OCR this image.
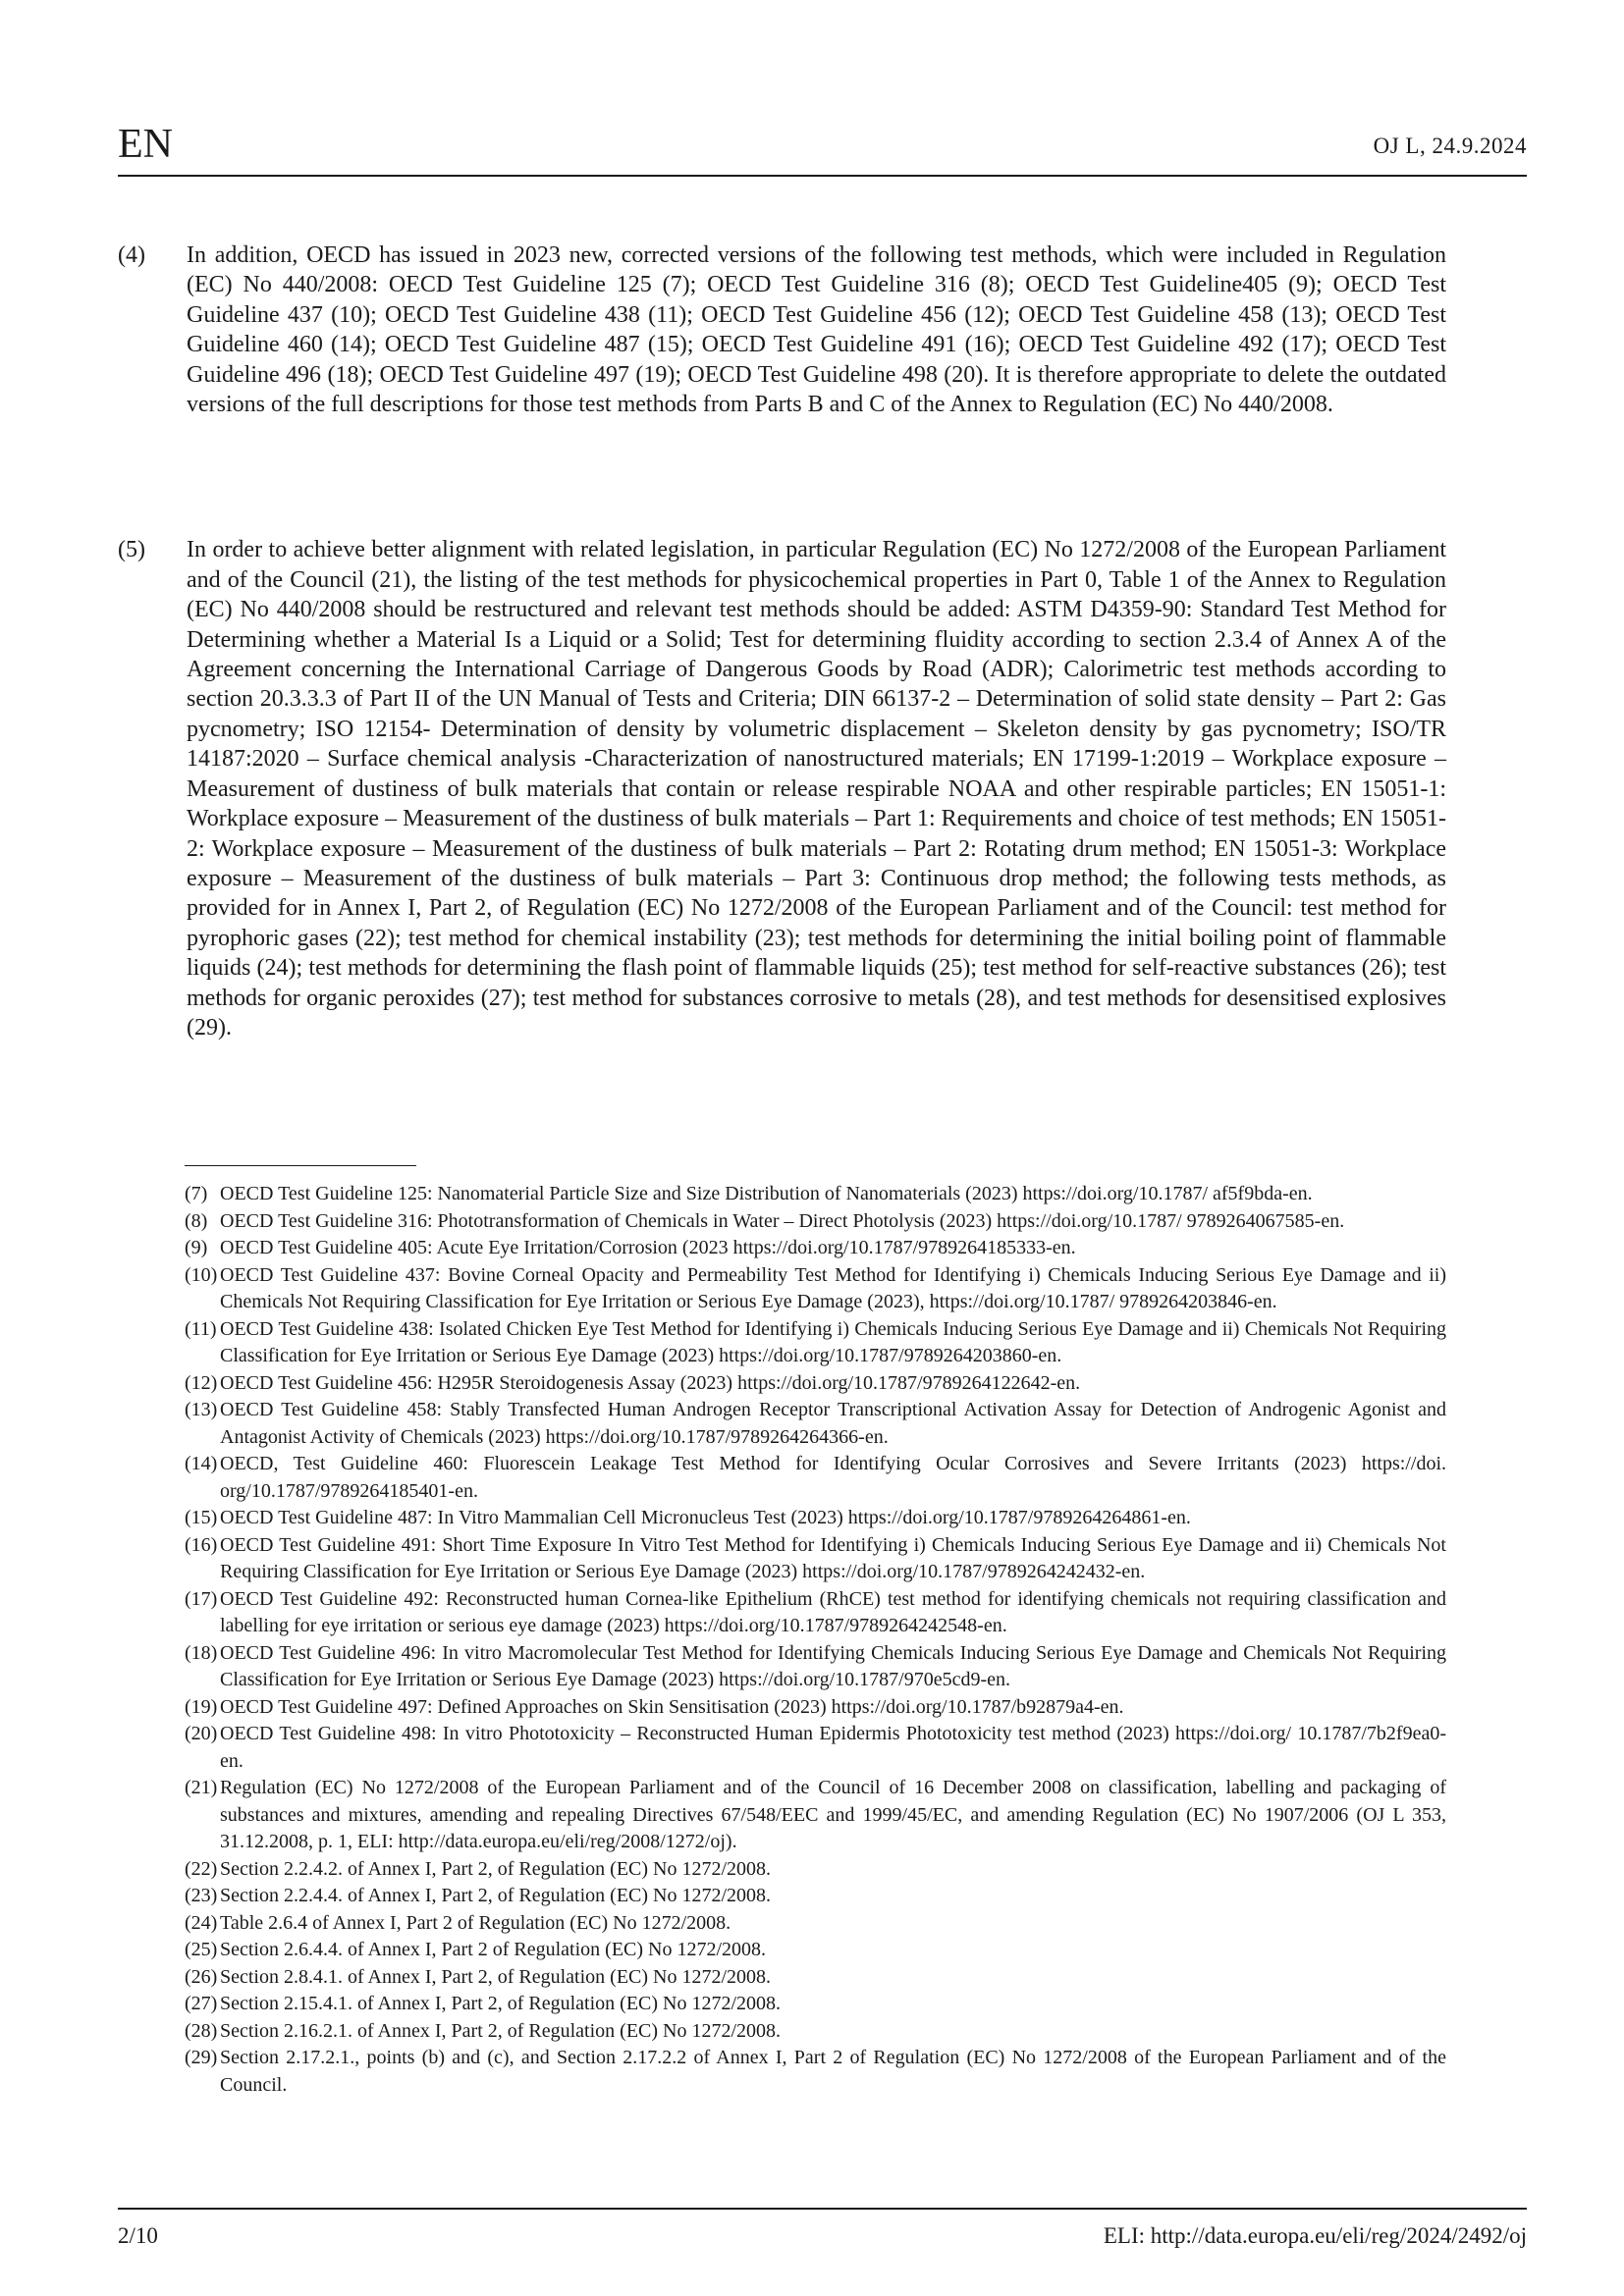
EN	OJ L, 24.9.2024
(4) In addition, OECD has issued in 2023 new, corrected versions of the following test methods, which were included in Regulation (EC) No 440/2008: OECD Test Guideline 125 (7); OECD Test Guideline 316 (8); OECD Test Guideline405 (9); OECD Test Guideline 437 (10); OECD Test Guideline 438 (11); OECD Test Guideline 456 (12); OECD Test Guideline 458 (13); OECD Test Guideline 460 (14); OECD Test Guideline 487 (15); OECD Test Guideline 491 (16); OECD Test Guideline 492 (17); OECD Test Guideline 496 (18); OECD Test Guideline 497 (19); OECD Test Guideline 498 (20). It is therefore appropriate to delete the outdated versions of the full descriptions for those test methods from Parts B and C of the Annex to Regulation (EC) No 440/2008.
(5) In order to achieve better alignment with related legislation, in particular Regulation (EC) No 1272/2008 of the European Parliament and of the Council (21), the listing of the test methods for physicochemical properties in Part 0, Table 1 of the Annex to Regulation (EC) No 440/2008 should be restructured and relevant test methods should be added: ASTM D4359-90: Standard Test Method for Determining whether a Material Is a Liquid or a Solid; Test for determining fluidity according to section 2.3.4 of Annex A of the Agreement concerning the International Carriage of Dangerous Goods by Road (ADR); Calorimetric test methods according to section 20.3.3.3 of Part II of the UN Manual of Tests and Criteria; DIN 66137-2 – Determination of solid state density – Part 2: Gas pycnometry; ISO 12154- Determination of density by volumetric displacement – Skeleton density by gas pycnometry; ISO/TR 14187:2020 – Surface chemical analysis -Characterization of nanostructured materials; EN 17199-1:2019 – Workplace exposure – Measurement of dustiness of bulk materials that contain or release respirable NOAA and other respirable particles; EN 15051-1: Workplace exposure – Measurement of the dustiness of bulk materials – Part 1: Requirements and choice of test methods; EN 15051-2: Workplace exposure – Measurement of the dustiness of bulk materials – Part 2: Rotating drum method; EN 15051-3: Workplace exposure – Measurement of the dustiness of bulk materials – Part 3: Continuous drop method; the following tests methods, as provided for in Annex I, Part 2, of Regulation (EC) No 1272/2008 of the European Parliament and of the Council: test method for pyrophoric gases (22); test method for chemical instability (23); test methods for determining the initial boiling point of flammable liquids (24); test methods for determining the flash point of flammable liquids (25); test method for self-reactive substances (26); test methods for organic peroxides (27); test method for substances corrosive to metals (28), and test methods for desensitised explosives (29).
(7) OECD Test Guideline 125: Nanomaterial Particle Size and Size Distribution of Nanomaterials (2023) https://doi.org/10.1787/ af5f9bda-en.
(8) OECD Test Guideline 316: Phototransformation of Chemicals in Water – Direct Photolysis (2023) https://doi.org/10.1787/ 9789264067585-en.
(9) OECD Test Guideline 405: Acute Eye Irritation/Corrosion (2023 https://doi.org/10.1787/9789264185333-en.
(10) OECD Test Guideline 437: Bovine Corneal Opacity and Permeability Test Method for Identifying i) Chemicals Inducing Serious Eye Damage and ii) Chemicals Not Requiring Classification for Eye Irritation or Serious Eye Damage (2023), https://doi.org/10.1787/ 9789264203846-en.
(11) OECD Test Guideline 438: Isolated Chicken Eye Test Method for Identifying i) Chemicals Inducing Serious Eye Damage and ii) Chemicals Not Requiring Classification for Eye Irritation or Serious Eye Damage (2023) https://doi.org/10.1787/9789264203860-en.
(12) OECD Test Guideline 456: H295R Steroidogenesis Assay (2023) https://doi.org/10.1787/9789264122642-en.
(13) OECD Test Guideline 458: Stably Transfected Human Androgen Receptor Transcriptional Activation Assay for Detection of Androgenic Agonist and Antagonist Activity of Chemicals (2023) https://doi.org/10.1787/9789264264366-en.
(14) OECD, Test Guideline 460: Fluorescein Leakage Test Method for Identifying Ocular Corrosives and Severe Irritants (2023) https://doi. org/10.1787/9789264185401-en.
(15) OECD Test Guideline 487: In Vitro Mammalian Cell Micronucleus Test (2023) https://doi.org/10.1787/9789264264861-en.
(16) OECD Test Guideline 491: Short Time Exposure In Vitro Test Method for Identifying i) Chemicals Inducing Serious Eye Damage and ii) Chemicals Not Requiring Classification for Eye Irritation or Serious Eye Damage (2023) https://doi.org/10.1787/9789264242432-en.
(17) OECD Test Guideline 492: Reconstructed human Cornea-like Epithelium (RhCE) test method for identifying chemicals not requiring classification and labelling for eye irritation or serious eye damage (2023) https://doi.org/10.1787/9789264242548-en.
(18) OECD Test Guideline 496: In vitro Macromolecular Test Method for Identifying Chemicals Inducing Serious Eye Damage and Chemicals Not Requiring Classification for Eye Irritation or Serious Eye Damage (2023) https://doi.org/10.1787/970e5cd9-en.
(19) OECD Test Guideline 497: Defined Approaches on Skin Sensitisation (2023) https://doi.org/10.1787/b92879a4-en.
(20) OECD Test Guideline 498: In vitro Phototoxicity – Reconstructed Human Epidermis Phototoxicity test method (2023) https://doi.org/ 10.1787/7b2f9ea0-en.
(21) Regulation (EC) No 1272/2008 of the European Parliament and of the Council of 16 December 2008 on classification, labelling and packaging of substances and mixtures, amending and repealing Directives 67/548/EEC and 1999/45/EC, and amending Regulation (EC) No 1907/2006 (OJ L 353, 31.12.2008, p. 1, ELI: http://data.europa.eu/eli/reg/2008/1272/oj).
(22) Section 2.2.4.2. of Annex I, Part 2, of Regulation (EC) No 1272/2008.
(23) Section 2.2.4.4. of Annex I, Part 2, of Regulation (EC) No 1272/2008.
(24) Table 2.6.4 of Annex I, Part 2 of Regulation (EC) No 1272/2008.
(25) Section 2.6.4.4. of Annex I, Part 2 of Regulation (EC) No 1272/2008.
(26) Section 2.8.4.1. of Annex I, Part 2, of Regulation (EC) No 1272/2008.
(27) Section 2.15.4.1. of Annex I, Part 2, of Regulation (EC) No 1272/2008.
(28) Section 2.16.2.1. of Annex I, Part 2, of Regulation (EC) No 1272/2008.
(29) Section 2.17.2.1., points (b) and (c), and Section 2.17.2.2 of Annex I, Part 2 of Regulation (EC) No 1272/2008 of the European Parliament and of the Council.
2/10	ELI: http://data.europa.eu/eli/reg/2024/2492/oj
